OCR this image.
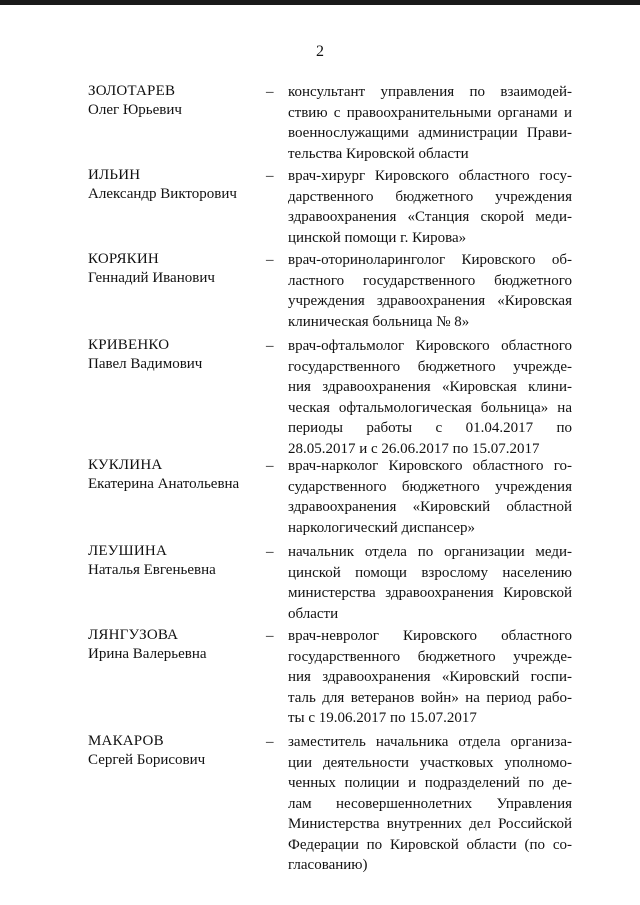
2
ЗОЛОТАРЕВ
Олег Юрьевич
– консультант управления по взаимодей-
ствию с правоохранительными органами и
военнослужащими администрации Прави-
тельства Кировской области
ИЛЬИН
Александр Викторович
– врач-хирург Кировского областного госу-
дарственного бюджетного учреждения
здравоохранения «Станция скорой меди-
цинской помощи г. Кирова»
КОРЯКИН
Геннадий Иванович
– врач-оториноларинголог Кировского об-
ластного государственного бюджетного
учреждения здравоохранения «Кировская
клиническая больница № 8»
КРИВЕНКО
Павел Вадимович
– врач-офтальмолог Кировского областного
государственного бюджетного учрежде-
ния здравоохранения «Кировская клини-
ческая офтальмологическая больница» на
периоды работы с 01.04.2017 по
28.05.2017 и с 26.06.2017 по 15.07.2017
КУКЛИНА
Екатерина Анатольевна
– врач-нарколог Кировского областного го-
сударственного бюджетного учреждения
здравоохранения «Кировский областной
наркологический диспансер»
ЛЕУШИНА
Наталья Евгеньевна
– начальник отдела по организации меди-
цинской помощи взрослому населению
министерства здравоохранения Кировской
области
ЛЯНГУЗОВА
Ирина Валерьевна
– врач-невролог Кировского областного
государственного бюджетного учрежде-
ния здравоохранения «Кировский госпи-
таль для ветеранов войн» на период рабо-
ты с 19.06.2017 по 15.07.2017
МАКАРОВ
Сергей Борисович
– заместитель начальника отдела организа-
ции деятельности участковых уполномо-
ченных полиции и подразделений по де-
лам несовершеннолетних Управления
Министерства внутренних дел Российской
Федерации по Кировской области (по со-
гласованию)
